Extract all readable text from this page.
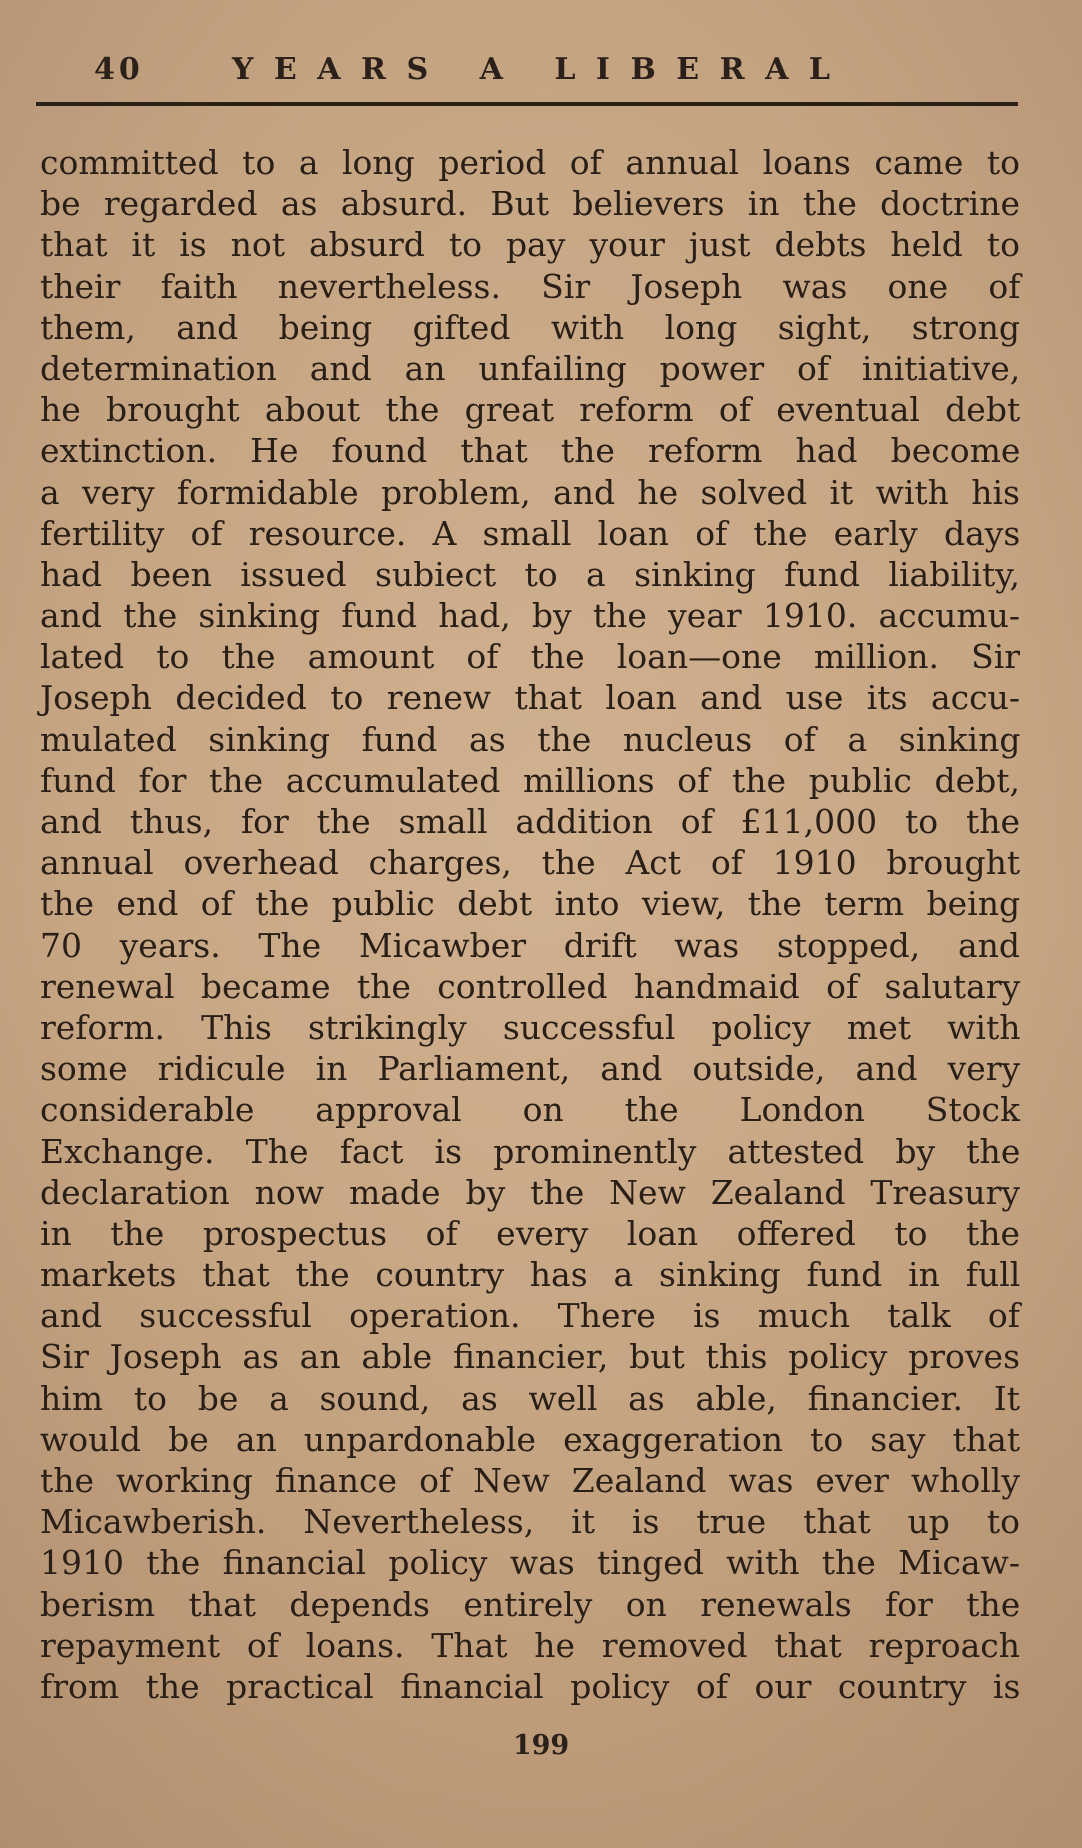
40	YEARS A LIBERAL
committed to a long period of annual loans came to
be regarded as absurd. But believers in the doctrine
that it is not absurd to pay your just debts held to
their faith nevertheless. Sir Joseph was one of
them, and being gifted with long sight, strong
determination and an unfailing power of initiative,
he brought about the great reform of eventual debt
extinction. He found that the reform had become
a very formidable problem, and he solved it with his
fertility of resource. A small loan of the early days
had been issued subiect to a sinking fund liability,
and the sinking fund had, by the year 1910. accumu-
lated to the amount of the loan—one million. Sir
Joseph decided to renew that loan and use its accu-
mulated sinking fund as the nucleus of a sinking
fund for the accumulated millions of the public debt,
and thus, for the small addition of £11,000 to the
annual overhead charges, the Act of 1910 brought
the end of the public debt into view, the term being
70 years. The Micawber drift was stopped, and
renewal became the controlled handmaid of salutary
reform. This strikingly successful policy met with
some ridicule in Parliament, and outside, and very
considerable approval on the London Stock
Exchange. The fact is prominently attested by the
declaration now made by the New Zealand Treasury
in the prospectus of every loan offered to the
markets that the country has a sinking fund in full
and successful operation. There is much talk of
Sir Joseph as an able financier, but this policy proves
him to be a sound, as well as able, financier. It
would be an unpardonable exaggeration to say that
the working finance of New Zealand was ever wholly
Micawberish. Nevertheless, it is true that up to
1910 the financial policy was tinged with the Micaw-
berism that depends entirely on renewals for the
repayment of loans. That he removed that reproach
from the practical financial policy of our country is
199
